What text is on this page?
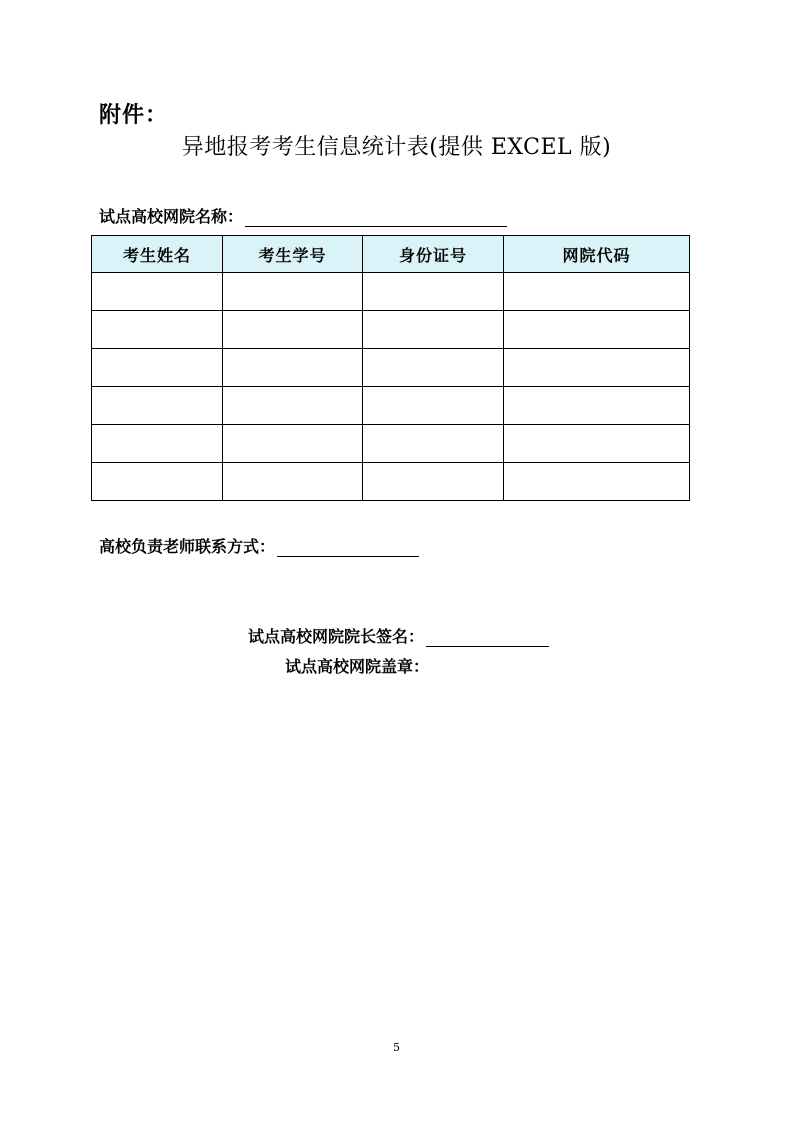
附件：
异地报考考生信息统计表(提供 EXCEL 版)
试点高校网院名称：
考生姓名	考生学号	身份证号	网院代码

高校负责老师联系方式：
试点高校网院院长签名：
试点高校网院盖章：
5
